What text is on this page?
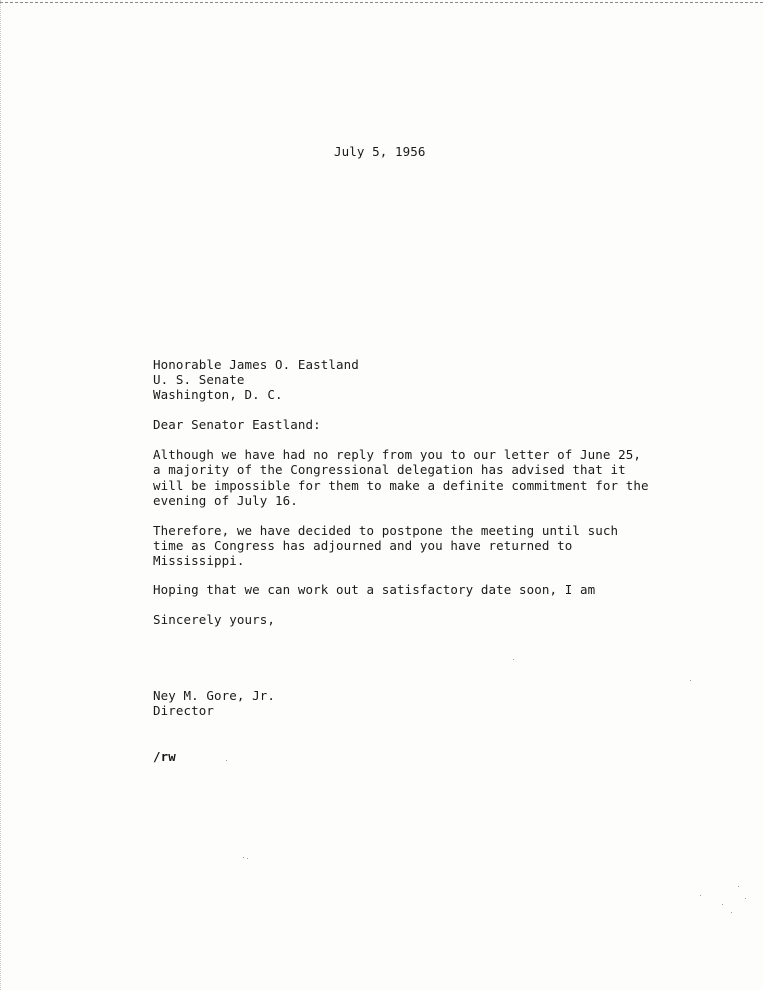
July 5, 1956

Honorable James O. Eastland

U. S. Senate

Washington, D. C.

Dear Senator Eastland:

Although we have had no reply from you to our letter of June 25,

a majority of the Congressional delegation has advised that it

will be impossible for them to make a definite commitment for the

evening of July 16.

Therefore, we have decided to postpone the meeting until such

time as Congress has adjourned and you have returned to

Mississippi.

Hoping that we can work out a satisfactory date soon, I am

Sincerely yours,

Ney M. Gore, Jr.

Director

/rw
